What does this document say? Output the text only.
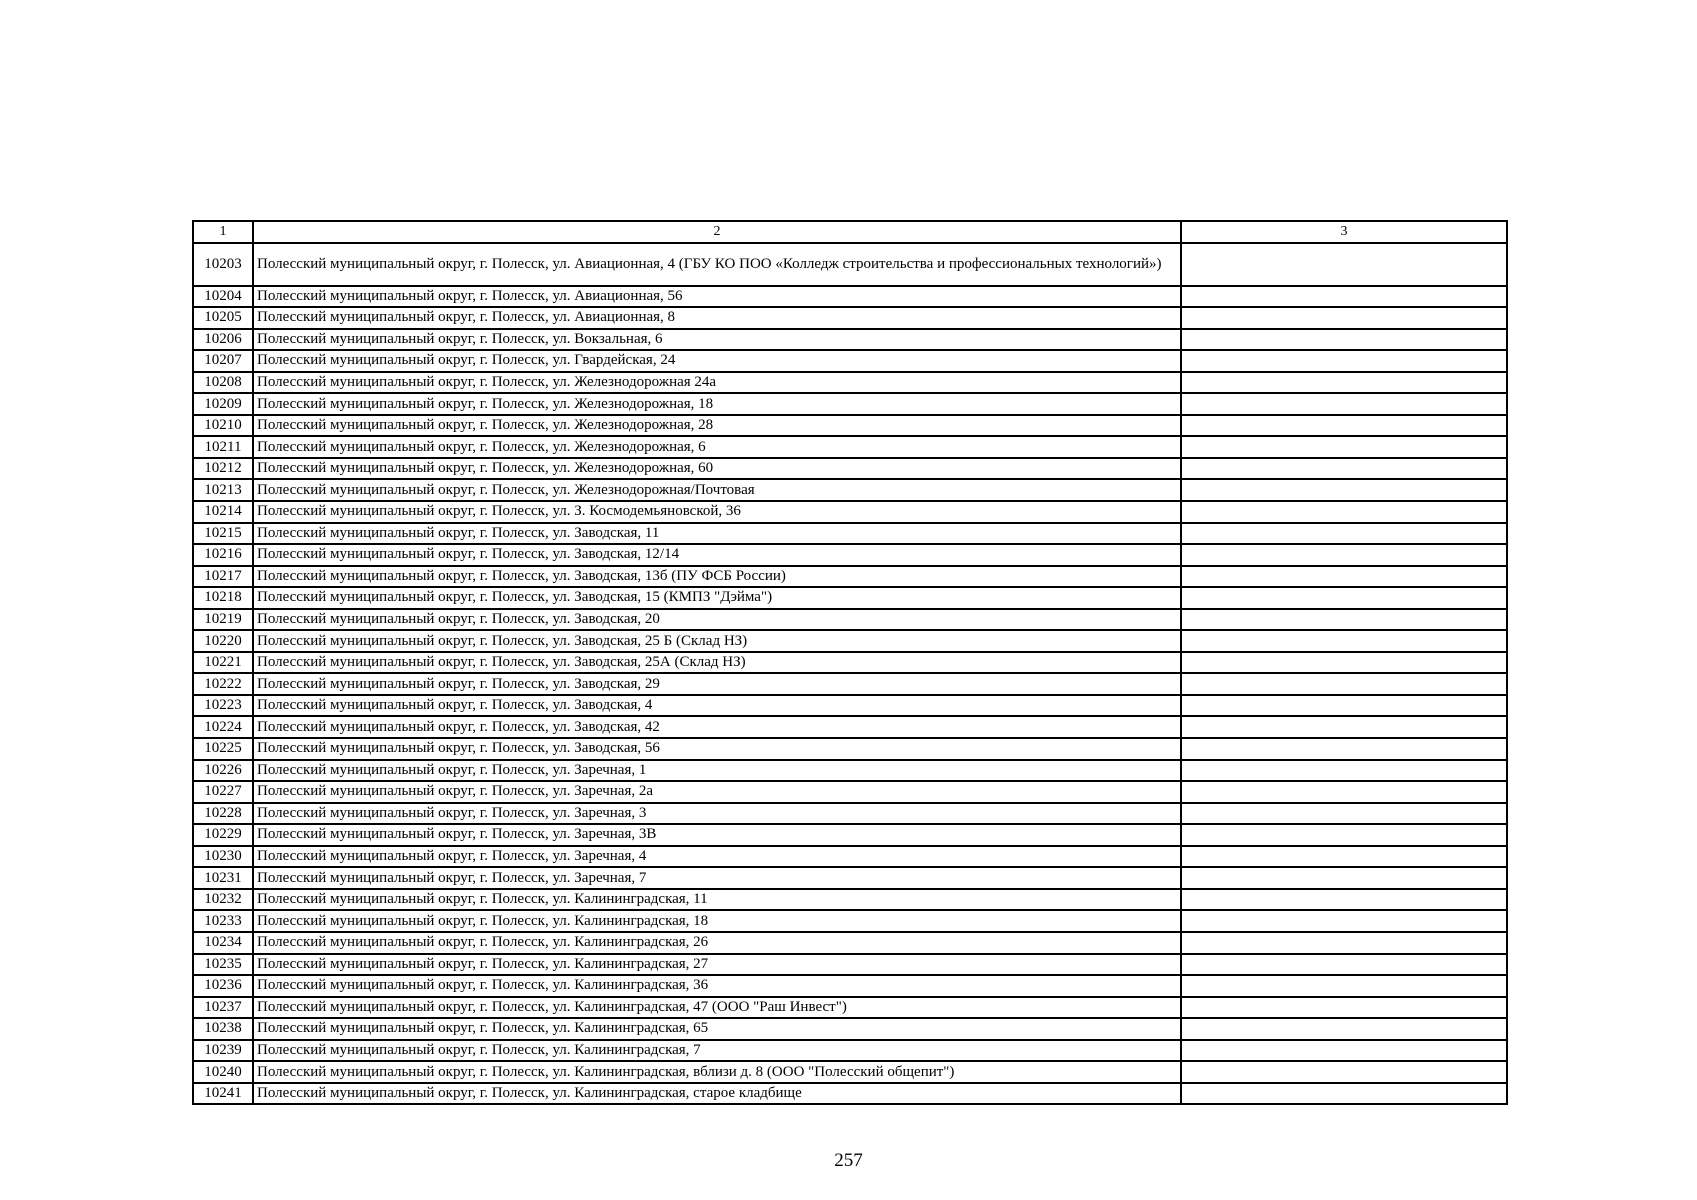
1	2	3
10203	Полесский муниципальный округ, г. Полесск, ул. Авиационная, 4 (ГБУ КО ПОО «Колледж строительства и профессиональных технологий»)	
10204	Полесский муниципальный округ, г. Полесск, ул. Авиационная, 56	
10205	Полесский муниципальный округ, г. Полесск, ул. Авиационная, 8	
10206	Полесский муниципальный округ, г. Полесск, ул. Вокзальная, 6	
10207	Полесский муниципальный округ, г. Полесск, ул. Гвардейская, 24	
10208	Полесский муниципальный округ, г. Полесск, ул. Железнодорожная 24а	
10209	Полесский муниципальный округ, г. Полесск, ул. Железнодорожная, 18	
10210	Полесский муниципальный округ, г. Полесск, ул. Железнодорожная, 28	
10211	Полесский муниципальный округ, г. Полесск, ул. Железнодорожная, 6	
10212	Полесский муниципальный округ, г. Полесск, ул. Железнодорожная, 60	
10213	Полесский муниципальный округ, г. Полесск, ул. Железнодорожная/Почтовая	
10214	Полесский муниципальный округ, г. Полесск, ул. З. Космодемьяновской, 36	
10215	Полесский муниципальный округ, г. Полесск, ул. Заводская, 11	
10216	Полесский муниципальный округ, г. Полесск, ул. Заводская, 12/14	
10217	Полесский муниципальный округ, г. Полесск, ул. Заводская, 13б (ПУ ФСБ России)	
10218	Полесский муниципальный округ, г. Полесск, ул. Заводская, 15 (КМПЗ "Дэйма")	
10219	Полесский муниципальный округ, г. Полесск, ул. Заводская, 20	
10220	Полесский муниципальный округ, г. Полесск, ул. Заводская, 25 Б (Склад НЗ)	
10221	Полесский муниципальный округ, г. Полесск, ул. Заводская, 25А (Склад НЗ)	
10222	Полесский муниципальный округ, г. Полесск, ул. Заводская, 29	
10223	Полесский муниципальный округ, г. Полесск, ул. Заводская, 4	
10224	Полесский муниципальный округ, г. Полесск, ул. Заводская, 42	
10225	Полесский муниципальный округ, г. Полесск, ул. Заводская, 56	
10226	Полесский муниципальный округ, г. Полесск, ул. Заречная, 1	
10227	Полесский муниципальный округ, г. Полесск, ул. Заречная, 2а	
10228	Полесский муниципальный округ, г. Полесск, ул. Заречная, 3	
10229	Полесский муниципальный округ, г. Полесск, ул. Заречная, 3В	
10230	Полесский муниципальный округ, г. Полесск, ул. Заречная, 4	
10231	Полесский муниципальный округ, г. Полесск, ул. Заречная, 7	
10232	Полесский муниципальный округ, г. Полесск, ул. Калининградская, 11	
10233	Полесский муниципальный округ, г. Полесск, ул. Калининградская, 18	
10234	Полесский муниципальный округ, г. Полесск, ул. Калининградская, 26	
10235	Полесский муниципальный округ, г. Полесск, ул. Калининградская, 27	
10236	Полесский муниципальный округ, г. Полесск, ул. Калининградская, 36	
10237	Полесский муниципальный округ, г. Полесск, ул. Калининградская, 47 (ООО "Раш Инвест")	
10238	Полесский муниципальный округ, г. Полесск, ул. Калининградская, 65	
10239	Полесский муниципальный округ, г. Полесск, ул. Калининградская, 7	
10240	Полесский муниципальный округ, г. Полесск, ул. Калининградская, вблизи д. 8 (ООО "Полесский общепит")	
10241	Полесский муниципальный округ, г. Полесск, ул. Калининградская, старое кладбище	
257
